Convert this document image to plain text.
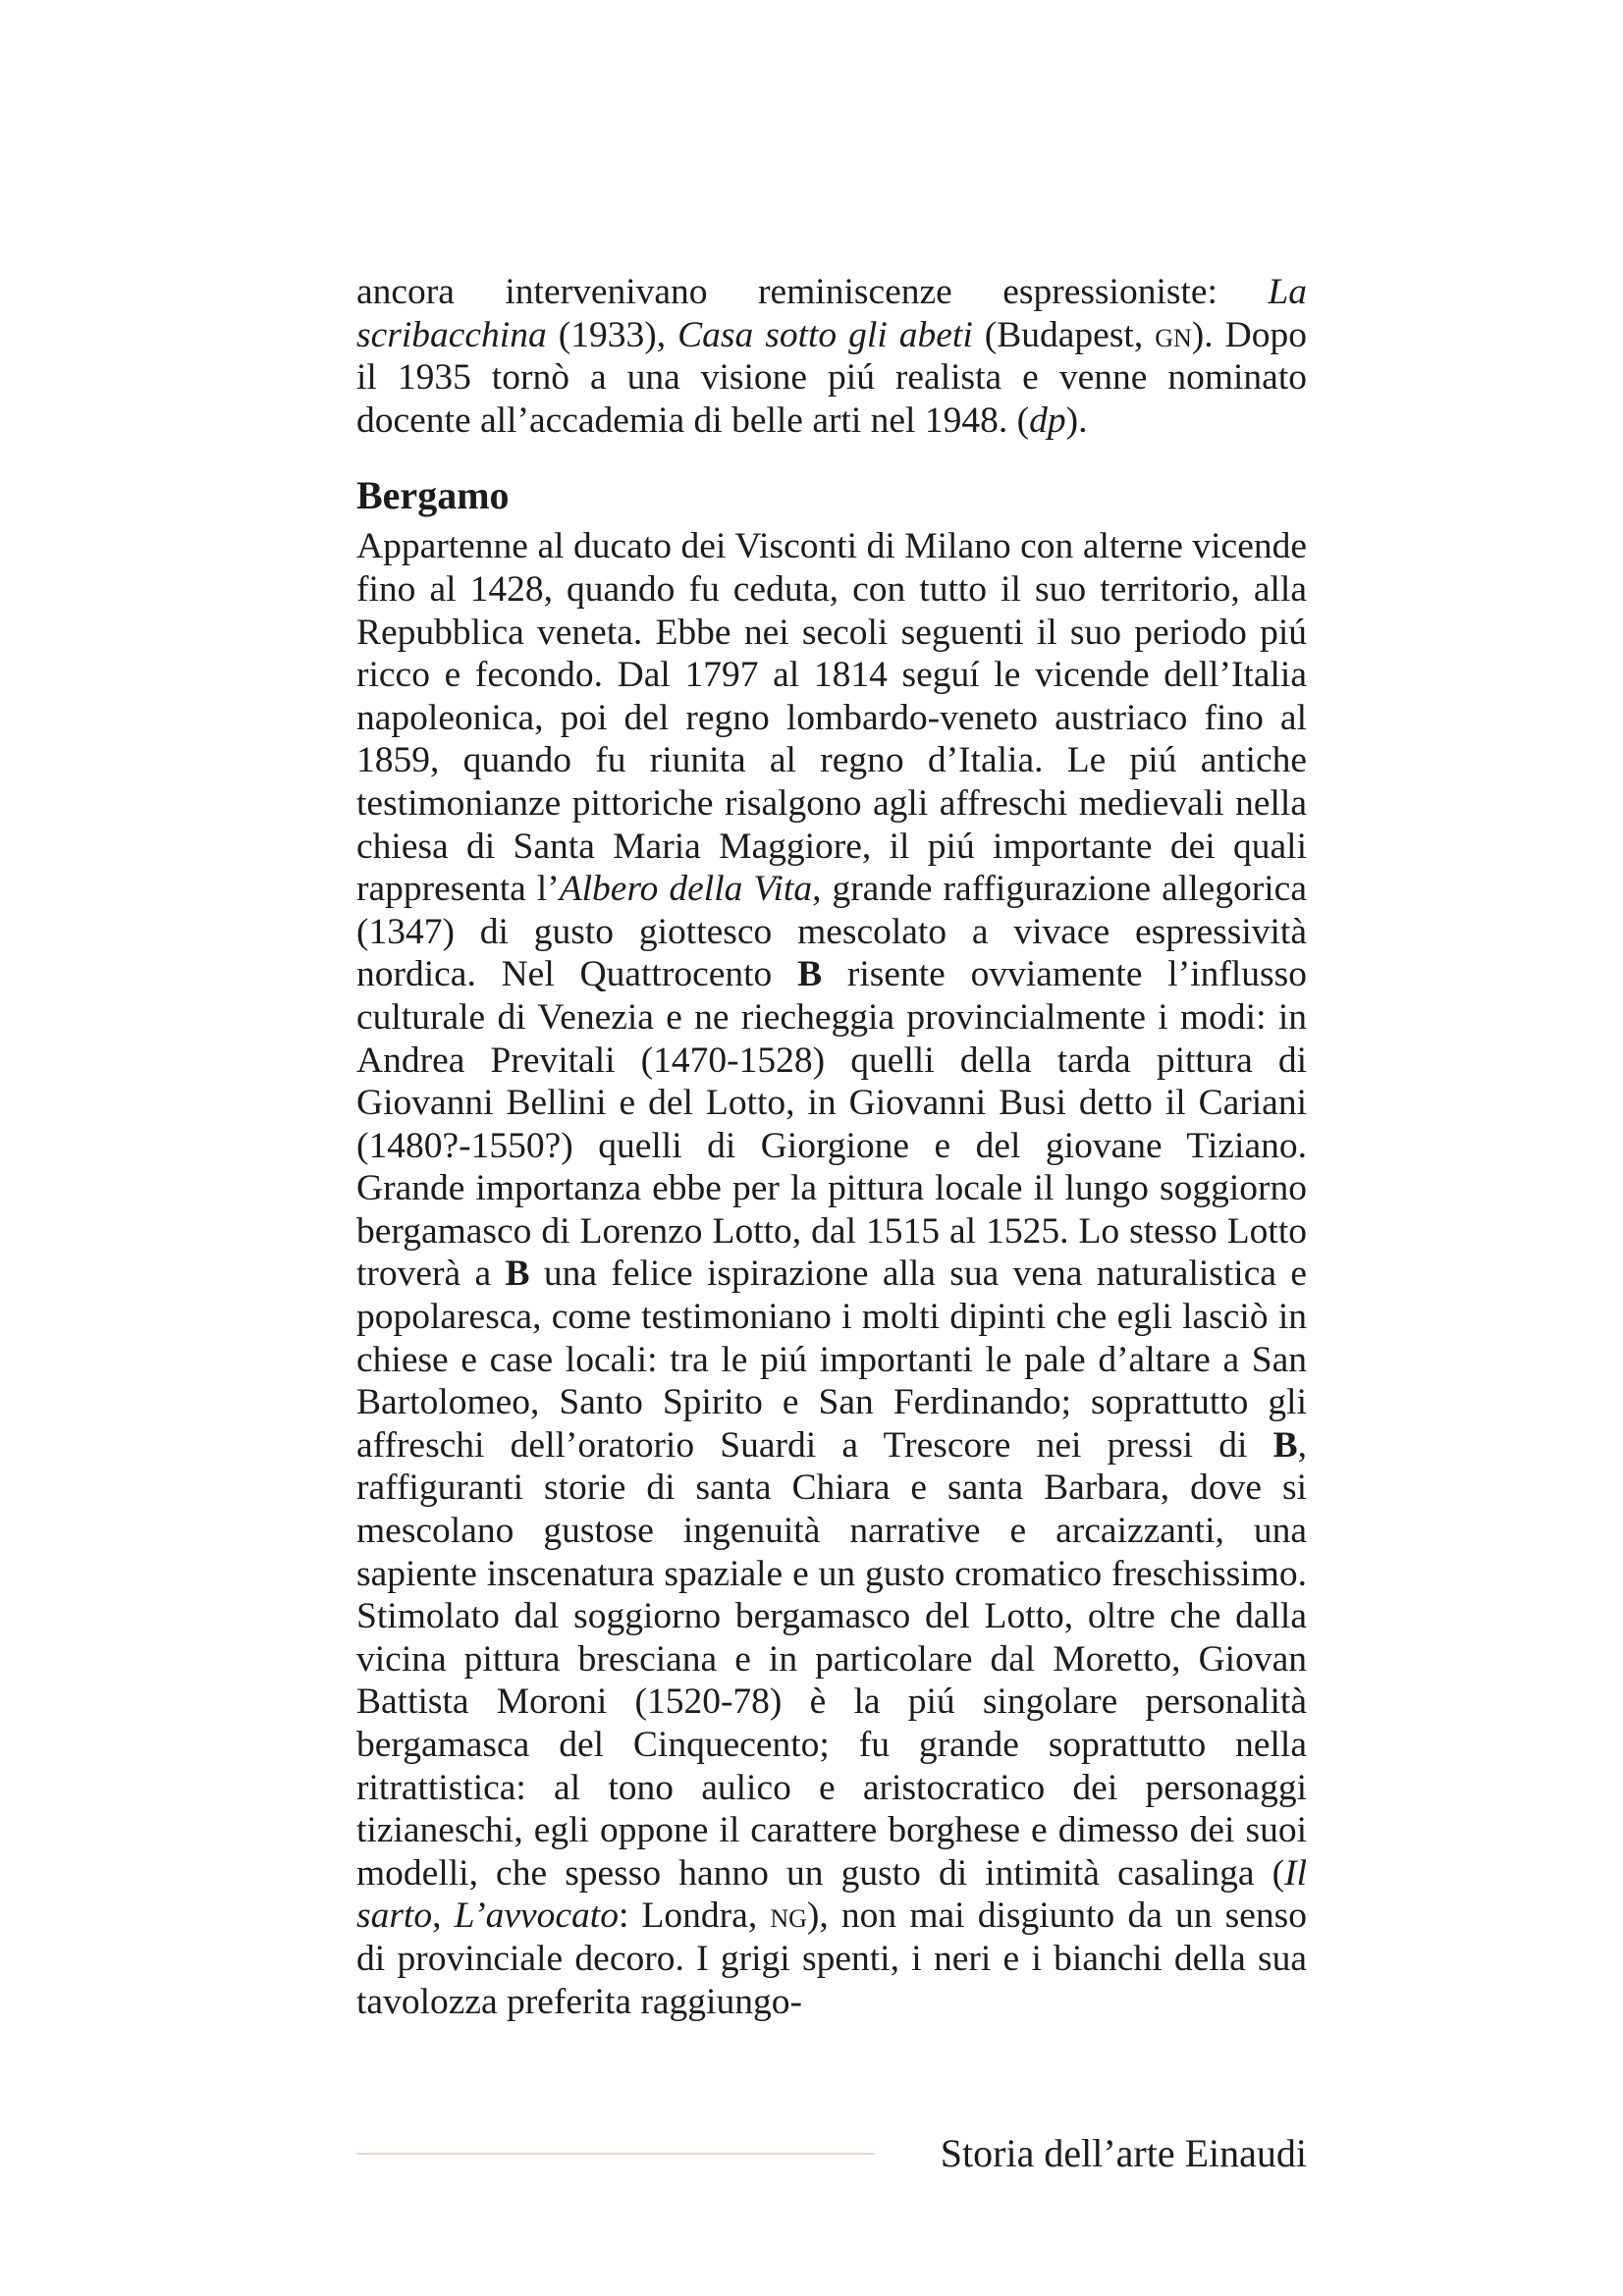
ancora intervenivano reminiscenze espressioniste: La scribacchina (1933), Casa sotto gli abeti (Budapest, gn). Dopo il 1935 tornò a una visione piú realista e venne nominato docente all’accademia di belle arti nel 1948. (dp).

Bergamo

Appartenne al ducato dei Visconti di Milano con alterne vicende fino al 1428, quando fu ceduta, con tutto il suo territorio, alla Repubblica veneta. Ebbe nei secoli seguenti il suo periodo piú ricco e fecondo. Dal 1797 al 1814 seguí le vicende dell’Italia napoleonica, poi del regno lombardo-veneto austriaco fino al 1859, quando fu riunita al regno d’Italia. Le piú antiche testimonianze pittoriche risalgono agli affreschi medievali nella chiesa di Santa Maria Maggiore, il piú importante dei quali rappresenta l’Albero della Vita, grande raffigurazione allegorica (1347) di gusto giottesco mescolato a vivace espressività nordica. Nel Quattrocento B risente ovviamente l’influsso culturale di Venezia e ne riecheggia provincialmente i modi: in Andrea Previtali (1470-1528) quelli della tarda pittura di Giovanni Bellini e del Lotto, in Giovanni Busi detto il Cariani (1480?-1550?) quelli di Giorgione e del giovane Tiziano. Grande importanza ebbe per la pittura locale il lungo soggiorno bergamasco di Lorenzo Lotto, dal 1515 al 1525. Lo stesso Lotto troverà a B una felice ispirazione alla sua vena naturalistica e popolaresca, come testimoniano i molti dipinti che egli lasciò in chiese e case locali: tra le piú importanti le pale d’altare a San Bartolomeo, Santo Spirito e San Ferdinando; soprattutto gli affreschi dell’oratorio Suardi a Trescore nei pressi di B, raffiguranti storie di santa Chiara e santa Barbara, dove si mescolano gustose ingenuità narrative e arcaizzanti, una sapiente inscenatura spaziale e un gusto cromatico freschissimo. Stimolato dal soggiorno bergamasco del Lotto, oltre che dalla vicina pittura bresciana e in particolare dal Moretto, Giovan Battista Moroni (1520-78) è la piú singolare personalità bergamasca del Cinquecento; fu grande soprattutto nella ritrattistica: al tono aulico e aristocratico dei personaggi tizianeschi, egli oppone il carattere borghese e dimesso dei suoi modelli, che spesso hanno un gusto di intimità casalinga (Il sarto, L’avvocato: Londra, ng), non mai disgiunto da un senso di provinciale decoro. I grigi spenti, i neri e i bianchi della sua tavolozza preferita raggiungo-

Storia dell’arte Einaudi
